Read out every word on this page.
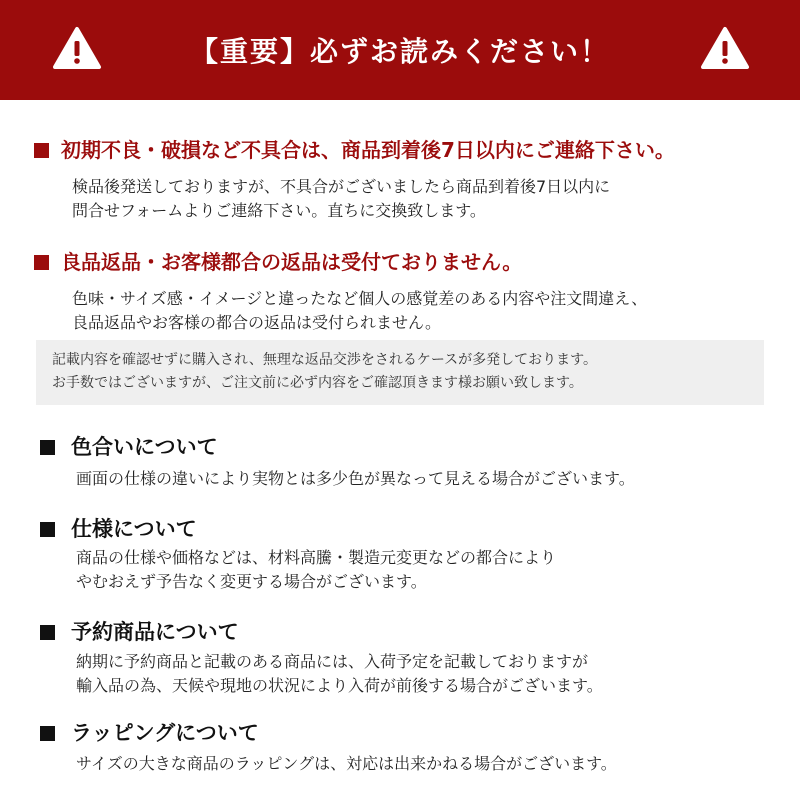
【重要】必ずお読みください！
初期不良・破損など不具合は、商品到着後7日以内にご連絡下さい。
検品後発送しておりますが、不具合がございましたら商品到着後7日以内に
問合せフォームよりご連絡下さい。直ちに交換致します。
良品返品・お客様都合の返品は受付ておりません。
色味・サイズ感・イメージと違ったなど個人の感覚差のある内容や注文間違え、
良品返品やお客様の都合の返品は受付られません。
記載内容を確認せずに購入され、無理な返品交渉をされるケースが多発しております。
お手数ではございますが、ご注文前に必ず内容をご確認頂きます様お願い致します。
色合いについて
画面の仕様の違いにより実物とは多少色が異なって見える場合がございます。
仕様について
商品の仕様や価格などは、材料高騰・製造元変更などの都合により
やむおえず予告なく変更する場合がございます。
予約商品について
納期に予約商品と記載のある商品には、入荷予定を記載しておりますが
輸入品の為、天候や現地の状況により入荷が前後する場合がございます。
ラッピングについて
サイズの大きな商品のラッピングは、対応は出来かねる場合がございます。
